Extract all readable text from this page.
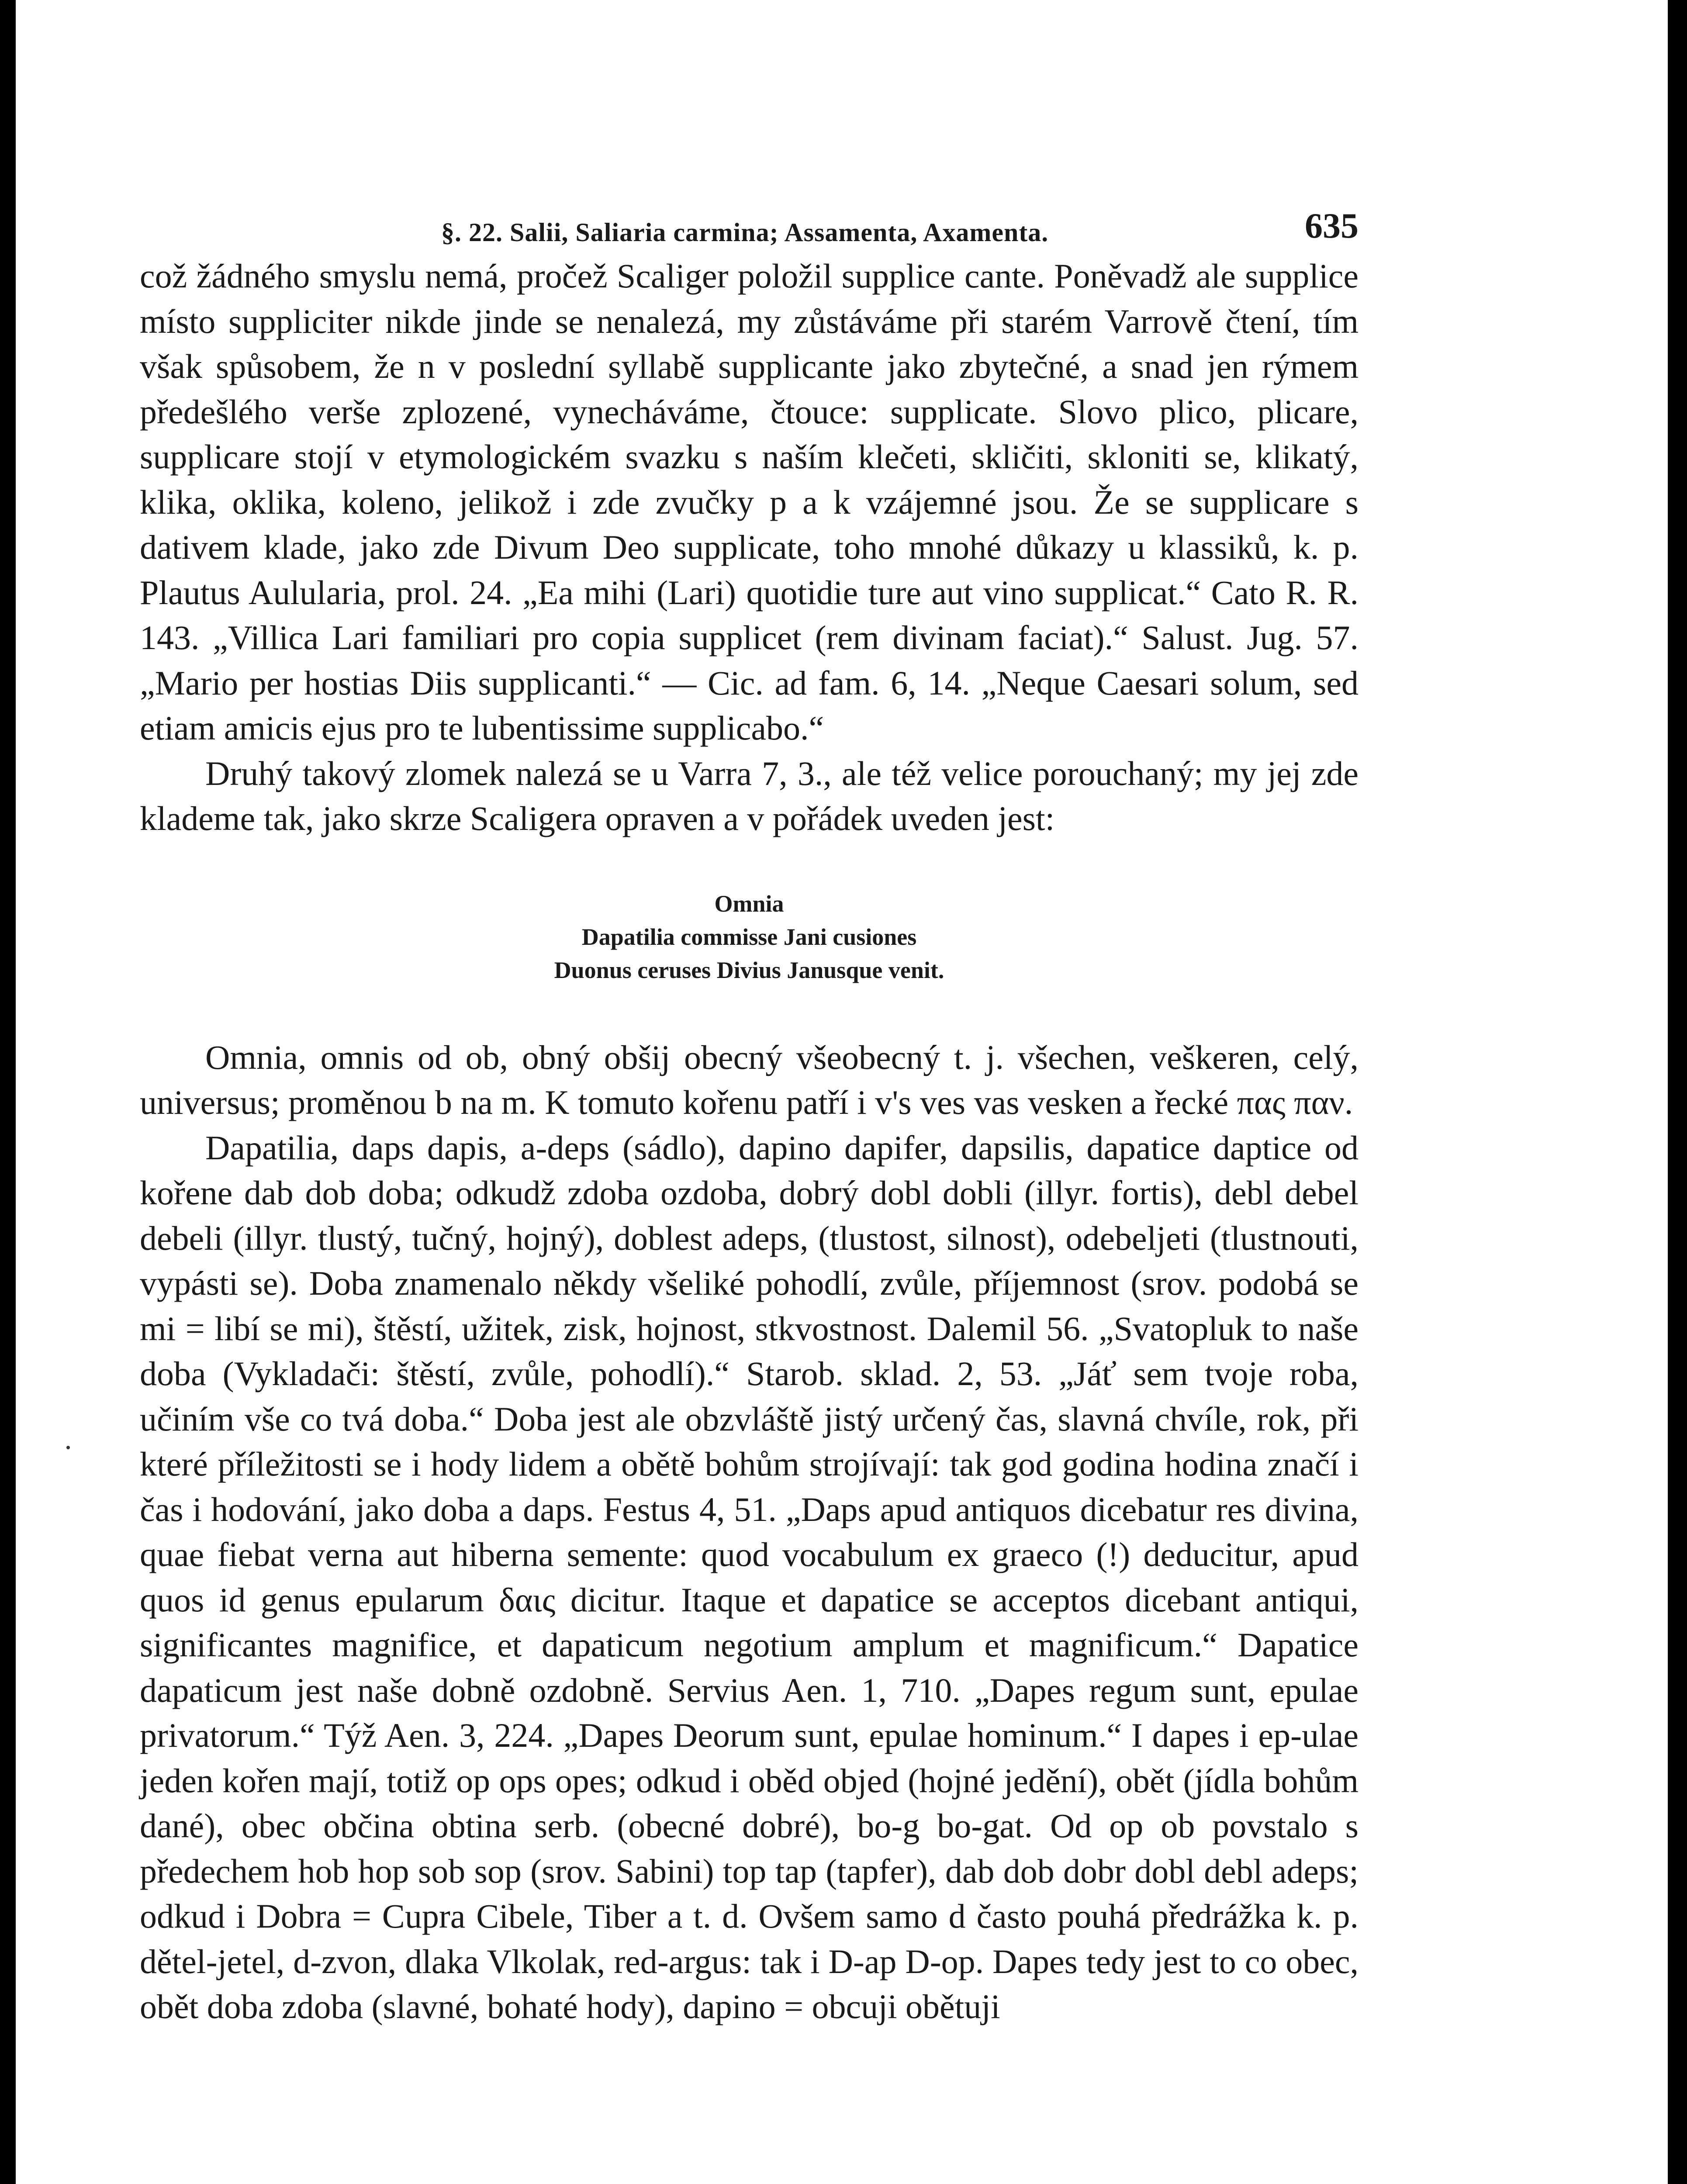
§. 22. Salii, Saliaria carmina; Assamenta, Axamenta.	635

což žádného smyslu nemá, pročež Scaliger položil supplice cante. Poněvadž ale supplice místo suppliciter nikde jinde se nenalezá, my zůstáváme při starém Varrově čtení, tím však spůsobem, že n v poslední syllabě supplicante jako zbytečné, a snad jen rýmem předešlého verše zplozené, vynecháváme, čtouce: supplicate. Slovo plico, plicare, supplicare stojí v etymologickém svazku s naším klečeti, skličiti, skloniti se, klikatý, klika, oklika, koleno, jelikož i zde zvučky p a k vzájemné jsou. Že se supplicare s dativem klade, jako zde Divum Deo supplicate, toho mnohé důkazy u klassiků, k. p. Plautus Aulularia, prol. 24. „Ea mihi (Lari) quotidie ture aut vino supplicat.“ Cato R. R. 143. „Villica Lari familiari pro copia supplicet (rem divinam faciat).“ Salust. Jug. 57. „Mario per hostias Diis supplicanti.“ — Cic. ad fam. 6, 14. „Neque Caesari solum, sed etiam amicis ejus pro te lubentissime supplicabo.“

Druhý takový zlomek nalezá se u Varra 7, 3., ale též velice porouchaný; my jej zde klademe tak, jako skrze Scaligera opraven a v pořádek uveden jest:

Omnia
Dapatilia commisse Jani cusiones
Duonus ceruses Divius Janusque venit.

Omnia, omnis od ob, obný obšij obecný všeobecný t. j. všechen, veškeren, celý, universus; proměnou b na m. K tomuto kořenu patří i v's ves vas vesken a řecké πας παν.

Dapatilia, daps dapis, a-deps (sádlo), dapino dapifer, dapsilis, dapatice daptice od kořene dab dob doba; odkudž zdoba ozdoba, dobrý dobl dobli (illyr. fortis), debl debel debeli (illyr. tlustý, tučný, hojný), doblest adeps, (tlustost, silnost), odebeljeti (tlustnouti, vypásti se). Doba znamenalo někdy všeliké pohodlí, zvůle, příjemnost (srov. podobá se mi = libí se mi), štěstí, užitek, zisk, hojnost, stkvostnost. Dalemil 56. „Svatopluk to naše doba (Vykladači: štěstí, zvůle, pohodlí).“ Starob. sklad. 2, 53. „Jáť sem tvoje roba, učiním vše co tvá doba.“ Doba jest ale obzvláště jistý určený čas, slavná chvíle, rok, při které příležitosti se i hody lidem a obětě bohům strojívají: tak god godina hodina značí i čas i hodování, jako doba a daps. Festus 4, 51. „Daps apud antiquos dicebatur res divina, quae fiebat verna aut hiberna semente: quod vocabulum ex graeco (!) deducitur, apud quos id genus epularum δαις dicitur. Itaque et dapatice se acceptos dicebant antiqui, significantes magnifice, et dapaticum negotium amplum et magnificum.“ Dapatice dapaticum jest naše dobně ozdobně. Servius Aen. 1, 710. „Dapes regum sunt, epulae privatorum.“ Týž Aen. 3, 224. „Dapes Deorum sunt, epulae hominum.“ I dapes i ep-ulae jeden kořen mají, totiž op ops opes; odkud i oběd objed (hojné jedění), obět (jídla bohům dané), obec občina obtina serb. (obecné dobré), bo-g bo-gat. Od op ob povstalo s předechem hob hop sob sop (srov. Sabini) top tap (tapfer), dab dob dobr dobl debl adeps; odkud i Dobra = Cupra Cibele, Tiber a t. d. Ovšem samo d často pouhá předrážka k. p. dětel-jetel, d-zvon, dlaka Vlkolak, red-argus: tak i D-ap D-op. Dapes tedy jest to co obec, obět doba zdoba (slavné, bohaté hody), dapino = obcuji obětuji
